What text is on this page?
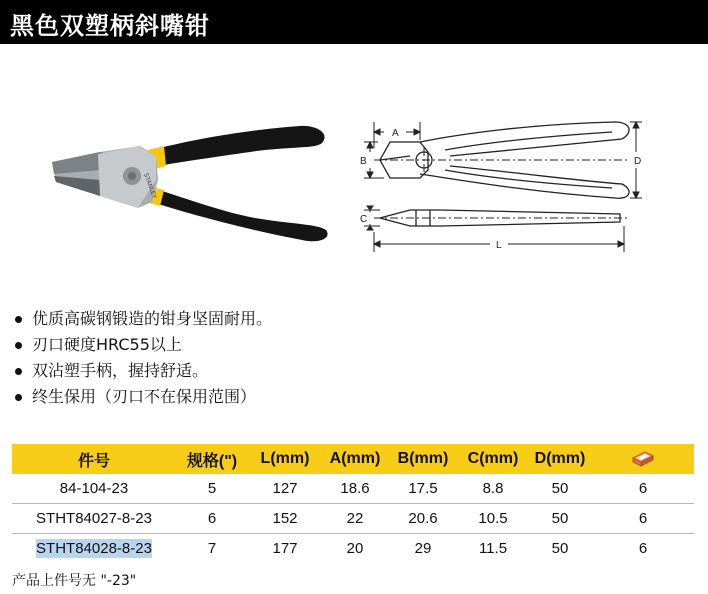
黑色双塑柄斜嘴钳
STANLEY
A
B
C
D
L
优质高碳钢锻造的钳身坚固耐用。
刃口硬度HRC55以上
双沾塑手柄，握持舒适。
终生保用（刃口不在保用范围）
件号	规格(")	L(mm)	A(mm)	B(mm)	C(mm)	D(mm)	
84-104-23	5	127	18.6	17.5	8.8	50	6
STHT84027-8-23	6	152	22	20.6	10.5	50	6
STHT84028-8-23	7	177	20	29	11.5	50	6
产品上件号无 "-23"
